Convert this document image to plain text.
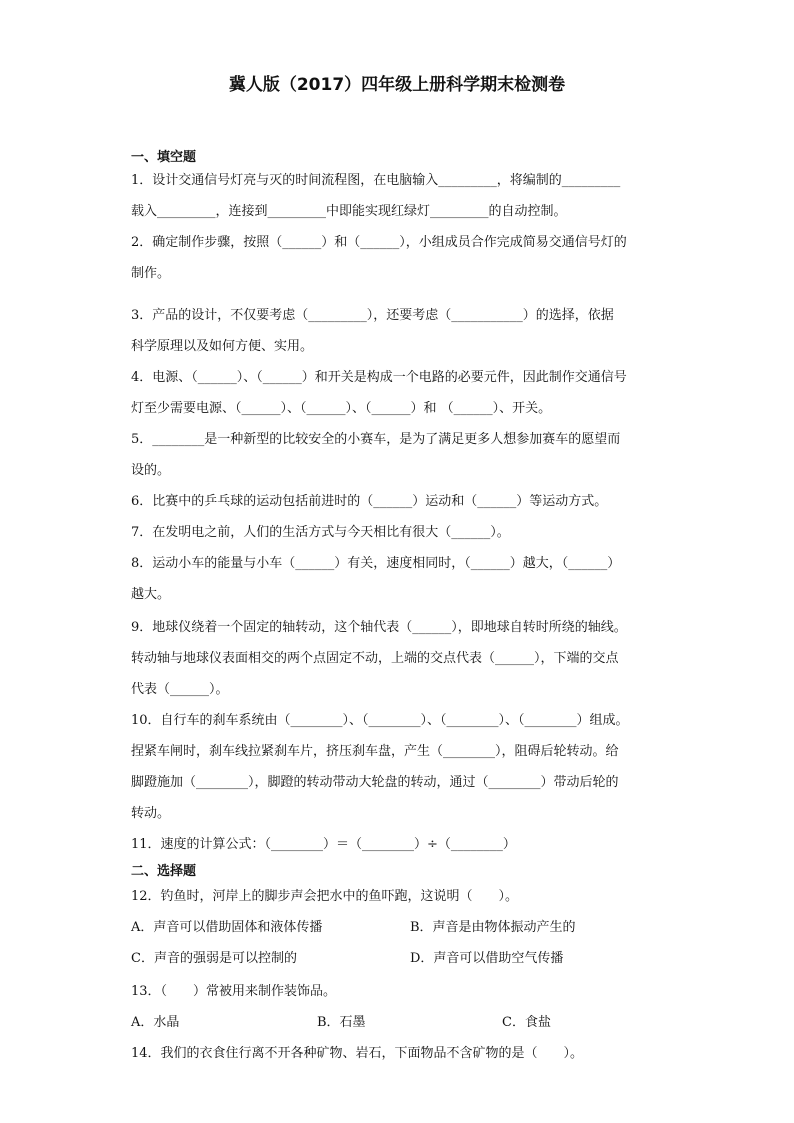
冀人版（2017）四年级上册科学期末检测卷
一、填空题
1．设计交通信号灯亮与灭的时间流程图，在电脑输入_________，将编制的_________
载入_________，连接到_________中即能实现红绿灯_________的自动控制。
2．确定制作步骤，按照（______）和（______），小组成员合作完成简易交通信号灯的
制作。
3．产品的设计，不仅要考虑（_________），还要考虑（___________）的选择，依据
科学原理以及如何方便、实用。
4．电源、（______）、（______）和开关是构成一个电路的必要元件，因此制作交通信号
灯至少需要电源、（______）、（______）、（______）和 （______）、开关。
5．________是一种新型的比较安全的小赛车，是为了满足更多人想参加赛车的愿望而
设的。
6．比赛中的乒乓球的运动包括前进时的（______）运动和（______）等运动方式。
7．在发明电之前，人们的生活方式与今天相比有很大（______）。
8．运动小车的能量与小车（______）有关，速度相同时，（______）越大，（______）
越大。
9．地球仪绕着一个固定的轴转动，这个轴代表（______），即地球自转时所绕的轴线。
转动轴与地球仪表面相交的两个点固定不动，上端的交点代表（______），下端的交点
代表（______）。
10．自行车的刹车系统由（________）、（________）、（________）、（________）组成。
捏紧车闸时，刹车线拉紧刹车片，挤压刹车盘，产生（________），阻碍后轮转动。给
脚蹬施加（________），脚蹬的转动带动大轮盘的转动，通过（________）带动后轮的
转动。
11．速度的计算公式：（________）＝（________）÷（________）
二、选择题
12．钓鱼时，河岸上的脚步声会把水中的鱼吓跑，这说明（　　）。
A．声音可以借助固体和液体传播	B．声音是由物体振动产生的
C．声音的强弱是可以控制的	D．声音可以借助空气传播
13．（　　）常被用来制作装饰品。
A．水晶	B．石墨	C．食盐
14．我们的衣食住行离不开各种矿物、岩石，下面物品不含矿物的是（　　）。
